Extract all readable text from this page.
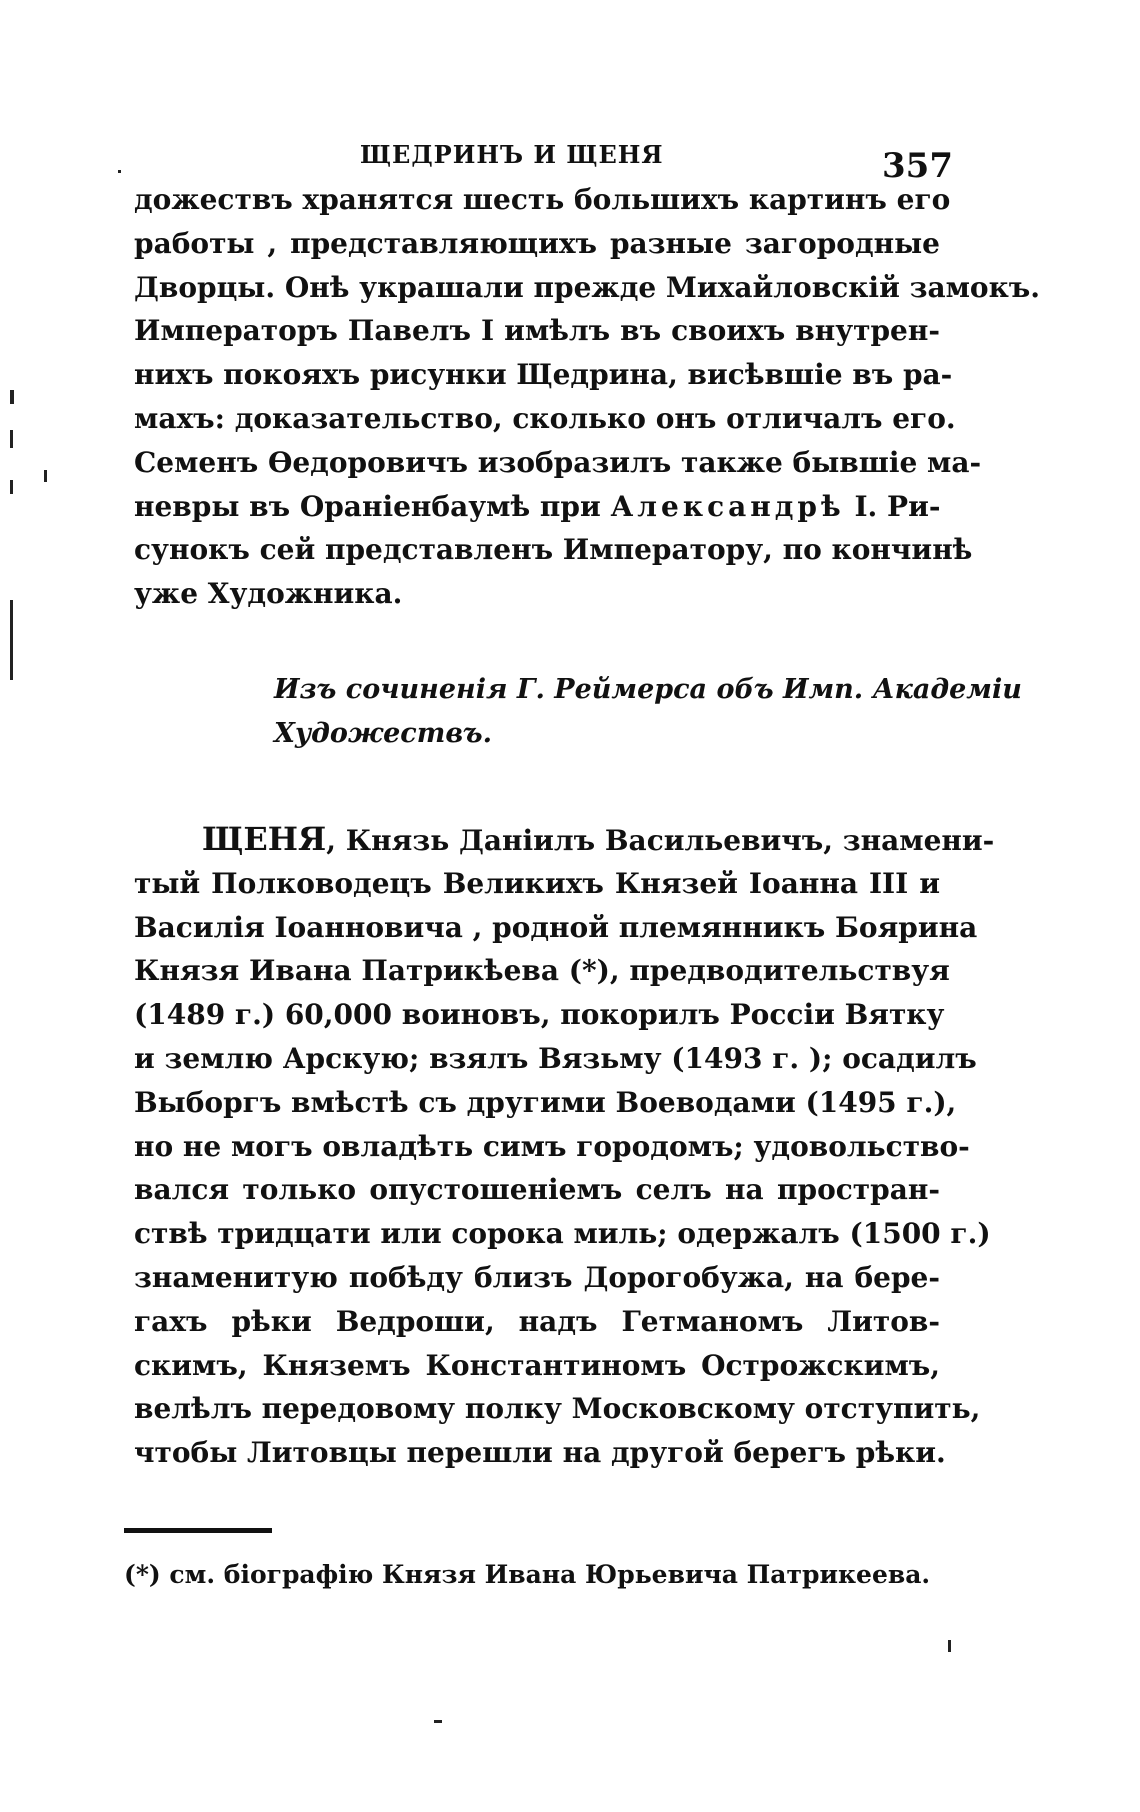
ЩЕДРИНЪ И ЩЕНЯ	357
дожествъ хранятся шесть большихъ картинъ его
работы , представляющихъ разные загородные
Дворцы. Онѣ украшали прежде Михайловскій замокъ.
Императоръ Павелъ I имѣлъ въ своихъ внутрен-
нихъ покояхъ рисунки Щедрина, висѣвшіе въ ра-
махъ: доказательство, сколько онъ отличалъ его.
Семенъ Ѳедоровичъ изобразилъ также бывшіе ма-
невры въ Ораніенбаумѣ при Александрѣ I. Ри-
сунокъ сей представленъ Императору, по кончинѣ
уже Художника.
Изъ сочиненія Г. Реймерса объ Имп. Академіи
Художествъ.
ЩЕНЯ, Князь Даніилъ Васильевичъ, знамени-
тый Полководецъ Великихъ Князей Іоанна III и
Василія Іоанновича , родной племянникъ Боярина
Князя Ивана Патрикѣева (*), предводительствуя
(1489 г.) 60,000 воиновъ, покорилъ Россіи Вятку
и землю Арскую; взялъ Вязьму (1493 г. ); осадилъ
Выборгъ вмѣстѣ съ другими Воеводами (1495 г.),
но не могъ овладѣть симъ городомъ; удовольство-
вался только опустошеніемъ селъ на простран-
ствѣ тридцати или сорока миль; одержалъ (1500 г.)
знаменитую побѣду близъ Дорогобужа, на бере-
гахъ рѣки Ведроши, надъ Гетманомъ Литов-
скимъ, Княземъ Константиномъ Острожскимъ,
велѣлъ передовому полку Московскому отступить,
чтобы Литовцы перешли на другой берегъ рѣки.
(*) см. біографію Князя Ивана Юрьевича Патрикеева.
